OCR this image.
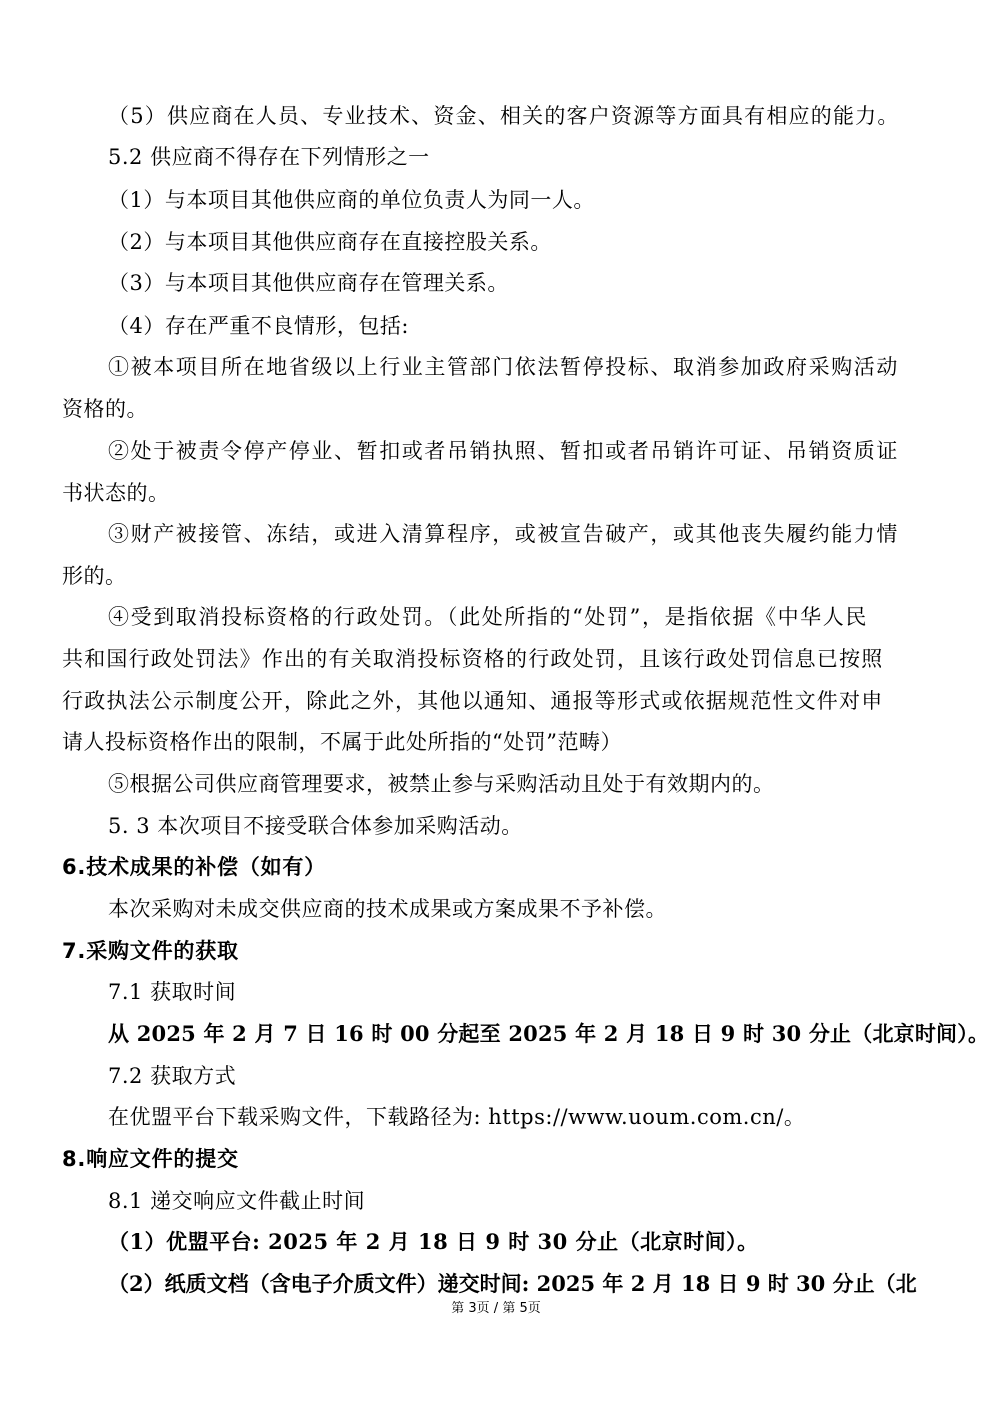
（5）供应商在人员、专业技术、资金、相关的客户资源等方面具有相应的能力。
5.2 供应商不得存在下列情形之一
（1）与本项目其他供应商的单位负责人为同一人。
（2）与本项目其他供应商存在直接控股关系。
（3）与本项目其他供应商存在管理关系。
（4）存在严重不良情形，包括:
①被本项目所在地省级以上行业主管部门依法暂停投标、取消参加政府采购活动
资格的。
②处于被责令停产停业、暂扣或者吊销执照、暂扣或者吊销许可证、吊销资质证
书状态的。
③财产被接管、冻结，或进入清算程序，或被宣告破产，或其他丧失履约能力情
形的。
④受到取消投标资格的行政处罚。（此处所指的“处罚”，是指依据《中华人民
共和国行政处罚法》作出的有关取消投标资格的行政处罚，且该行政处罚信息已按照
行政执法公示制度公开，除此之外，其他以通知、通报等形式或依据规范性文件对申
请人投标资格作出的限制，不属于此处所指的“处罚”范畴）
⑤根据公司供应商管理要求，被禁止参与采购活动且处于有效期内的。
5. 3 本次项目不接受联合体参加采购活动。
6.技术成果的补偿（如有）
本次采购对未成交供应商的技术成果或方案成果不予补偿。
7.采购文件的获取
7.1 获取时间
从 2025 年 2 月 7 日 16 时 00 分起至 2025 年 2 月 18 日 9 时 30 分止（北京时间）。
7.2 获取方式
在优盟平台下载采购文件，下载路径为: https://www.uoum.com.cn/。
8.响应文件的提交
8.1 递交响应文件截止时间
（1）优盟平台: 2025 年 2 月 18 日 9 时 30 分止（北京时间）。
（2）纸质文档（含电子介质文件）递交时间: 2025 年 2 月 18 日 9 时 30 分止（北
第 3页 / 第 5页
